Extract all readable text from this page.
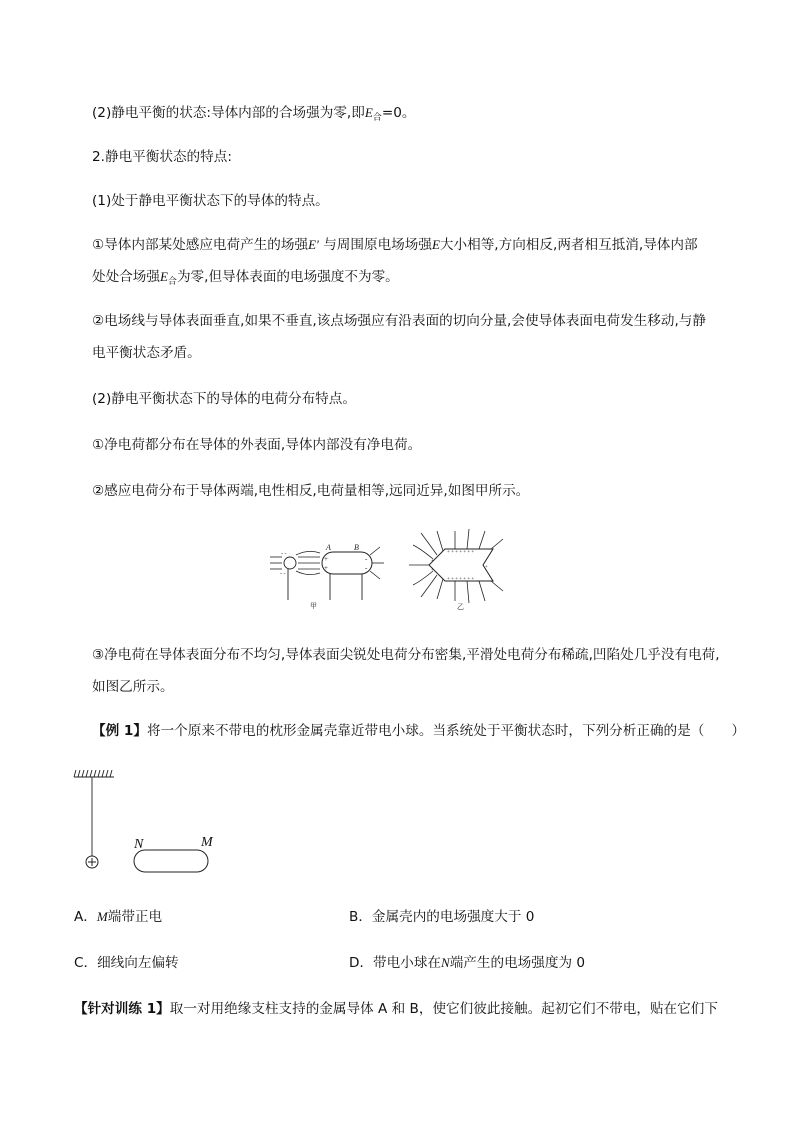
(2)静电平衡的状态:导体内部的合场强为零,即$E_合=0$。
2.静电平衡状态的特点:
(1)处于静电平衡状态下的导体的特点。
①导体内部某处感应电荷产生的场强E′ 与周围原电场场强E大小相等,方向相反,两者相互抵消,导体内部
处处合场强$E_合$为零,但导体表面的电场强度不为零。
②电场线与导体表面垂直,如果不垂直,该点场强应有沿表面的切向分量,会使导体表面电荷发生移动,与静
电平衡状态矛盾。
(2)静电平衡状态下的导体的电荷分布特点。
①净电荷都分布在导体的外表面,导体内部没有净电荷。
②感应电荷分布于导体两端,电性相反,电荷量相等,远同近异,如图甲所示。
- -
- -
+
+
-
-
A	B
甲
+ + + + + + +
+ + + + + + +
+
+
+
乙
③净电荷在导体表面分布不均匀,导体表面尖锐处电荷分布密集,平滑处电荷分布稀疏,凹陷处几乎没有电荷,
如图乙所示。
【例 1】将一个原来不带电的枕形金属壳靠近带电小球。当系统处于平衡状态时，下列分析正确的是（　　）
N	M
A．M端带正电	B．金属壳内的电场强度大于 0
C．细线向左偏转	D．带电小球在N端产生的电场强度为 0
【针对训练 1】取一对用绝缘支柱支持的金属导体 A 和 B，使它们彼此接触。起初它们不带电，贴在它们下
